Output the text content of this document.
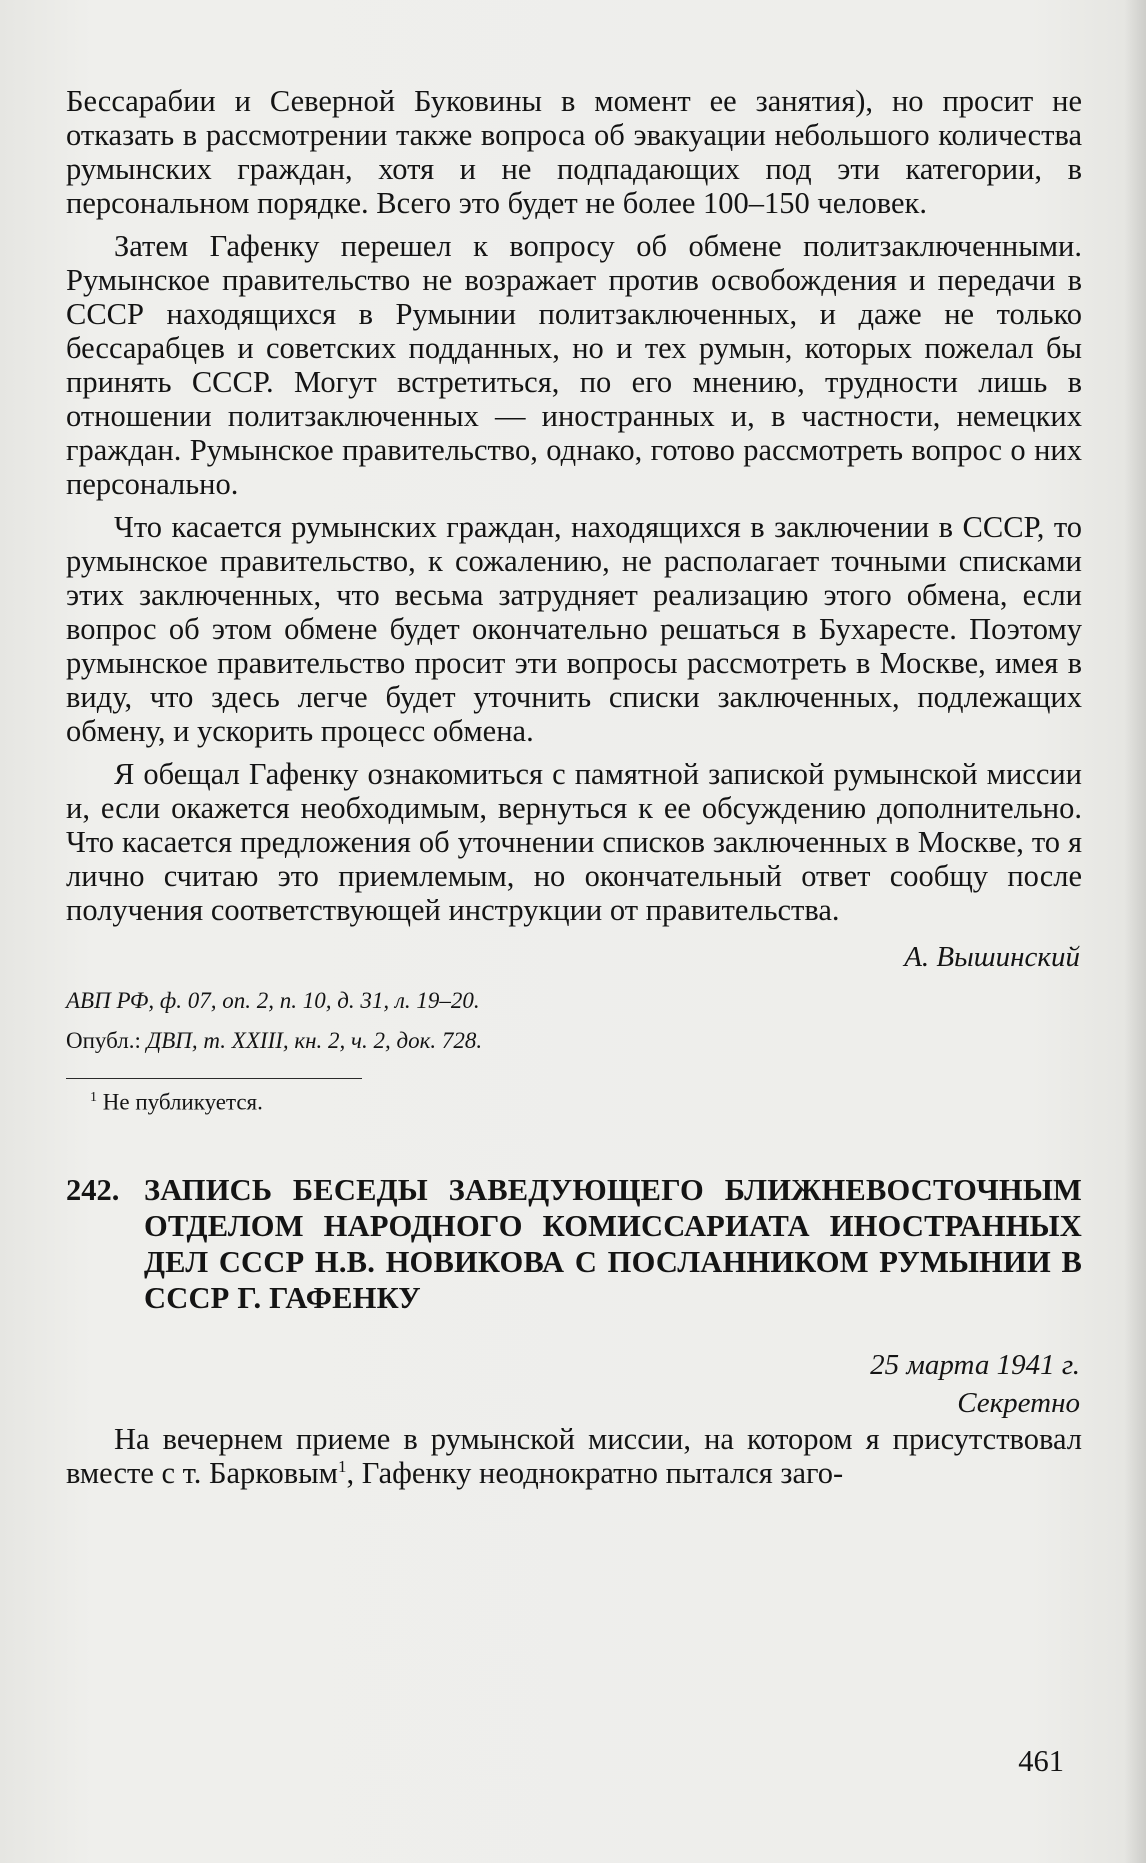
Бессарабии и Северной Буковины в момент ее занятия), но просит не отказать в рассмотрении также вопроса об эвакуации небольшого количества румынских граждан, хотя и не подпадающих под эти категории, в персональном порядке. Всего это будет не более 100–150 человек.

Затем Гафенку перешел к вопросу об обмене политзаключенными. Румынское правительство не возражает против освобождения и передачи в СССР находящихся в Румынии политзаключенных, и даже не только бессарабцев и советских подданных, но и тех румын, которых пожелал бы принять СССР. Могут встретиться, по его мнению, трудности лишь в отношении политзаключенных — иностранных и, в частности, немецких граждан. Румынское правительство, однако, готово рассмотреть вопрос о них персонально.

Что касается румынских граждан, находящихся в заключении в СССР, то румынское правительство, к сожалению, не располагает точными списками этих заключенных, что весьма затрудняет реализацию этого обмена, если вопрос об этом обмене будет окончательно решаться в Бухаресте. Поэтому румынское правительство просит эти вопросы рассмотреть в Москве, имея в виду, что здесь легче будет уточнить списки заключенных, подлежащих обмену, и ускорить процесс обмена.

Я обещал Гафенку ознакомиться с памятной запиской румынской миссии и, если окажется необходимым, вернуться к ее обсуждению дополнительно. Что касается предложения об уточнении списков заключенных в Москве, то я лично считаю это приемлемым, но окончательный ответ сообщу после получения соответствующей инструкции от правительства.

А. Вышинский
АВП РФ, ф. 07, оп. 2, п. 10, д. 31, л. 19–20.
Опубл.: ДВП, т. XXIII, кн. 2, ч. 2, док. 728.
$^1$ Не публикуется.
242. ЗАПИСЬ БЕСЕДЫ ЗАВЕДУЮЩЕГО БЛИЖНЕВОСТОЧНЫМ ОТДЕЛОМ НАРОДНОГО КОМИССАРИАТА ИНОСТРАННЫХ ДЕЛ СССР Н.В. НОВИКОВА С ПОСЛАННИКОМ РУМЫНИИ В СССР Г. ГАФЕНКУ
25 марта 1941 г.
Секретно

На вечернем приеме в румынской миссии, на котором я присутствовал вместе с т. Барковым$^1$, Гафенку неоднократно пытался заго-

461
